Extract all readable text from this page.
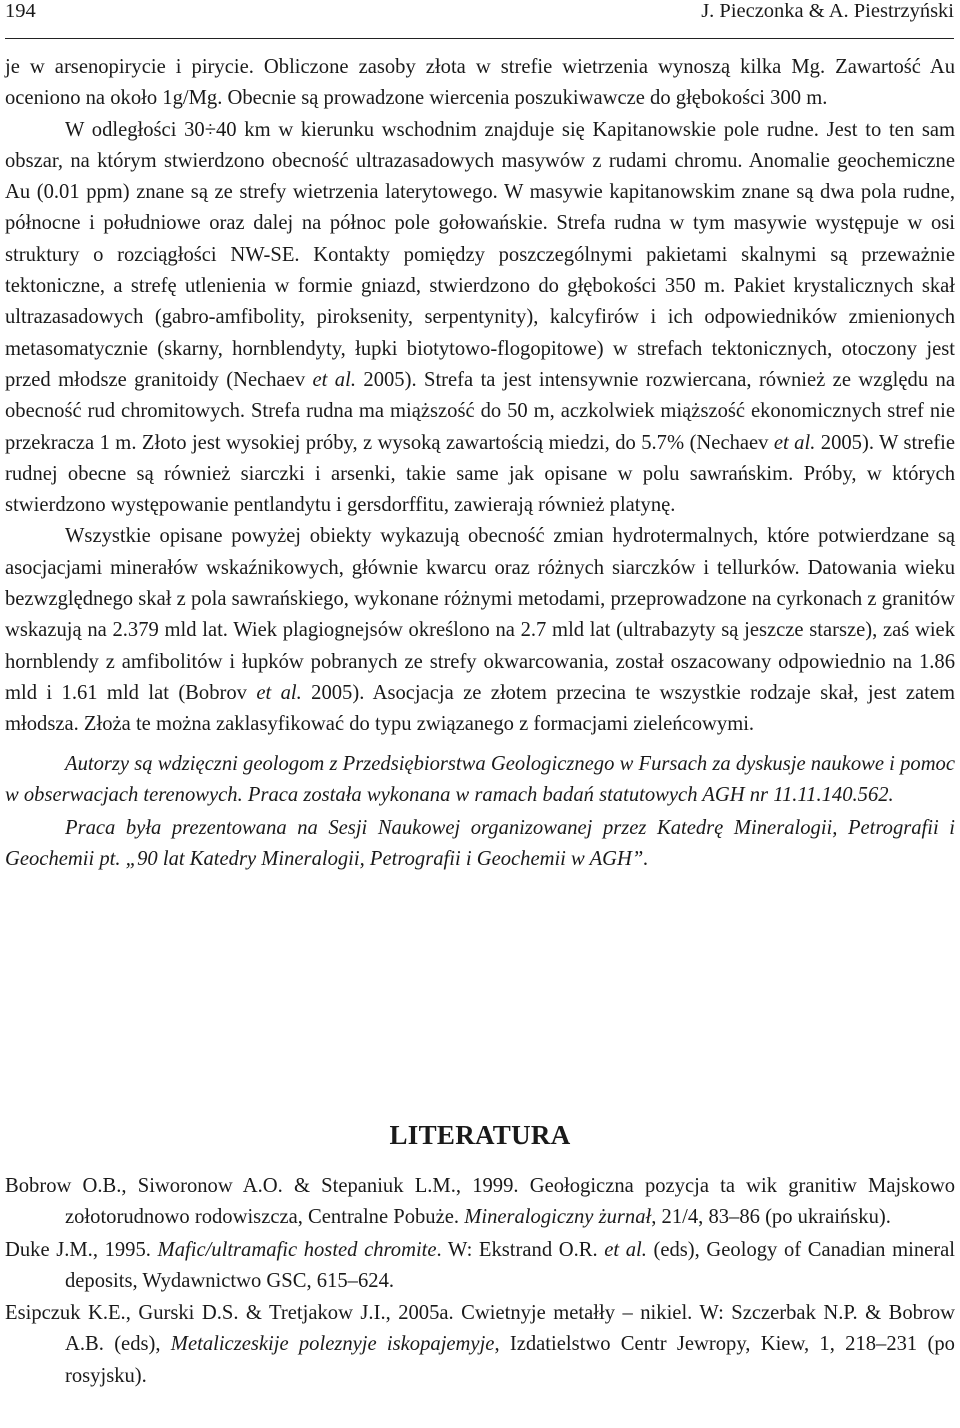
194	J. Pieczonka & A. Piestrzyński

je w arsenopirycie i pirycie. Obliczone zasoby złota w strefie wietrzenia wynoszą kilka Mg. Zawartość Au oceniono na około 1g/Mg. Obecnie są prowadzone wiercenia poszukiwawcze do głębokości 300 m.

W odległości 30÷40 km w kierunku wschodnim znajduje się Kapitanowskie pole rudne. Jest to ten sam obszar, na którym stwierdzono obecność ultrazasadowych masywów z rudami chromu. Anomalie geochemiczne Au (0.01 ppm) znane są ze strefy wietrzenia laterytowego. W masywie kapitanowskim znane są dwa pola rudne, północne i południowe oraz dalej na północ pole gołowańskie. Strefa rudna w tym masywie występuje w osi struktury o rozciągłości NW-SE. Kontakty pomiędzy poszczególnymi pakietami skalnymi są przeważnie tektoniczne, a strefę utlenienia w formie gniazd, stwierdzono do głębokości 350 m. Pakiet krystalicznych skał ultrazasadowych (gabro-amfibolity, piroksenity, serpentynity), kalcyfirów i ich odpowiedników zmienionych metasomatycznie (skarny, hornblendyty, łupki biotytowo-flogopitowe) w strefach tektonicznych, otoczony jest przed młodsze granitoidy (Nechaev et al. 2005). Strefa ta jest intensywnie rozwiercana, również ze względu na obecność rud chromitowych. Strefa rudna ma miąższość do 50 m, aczkolwiek miąższość ekonomicznych stref nie przekracza 1 m. Złoto jest wysokiej próby, z wysoką zawartością miedzi, do 5.7% (Nechaev et al. 2005). W strefie rudnej obecne są również siarczki i arsenki, takie same jak opisane w polu sawrańskim. Próby, w których stwierdzono występowanie pentlandytu i gersdorffitu, zawierają również platynę.

Wszystkie opisane powyżej obiekty wykazują obecność zmian hydrotermalnych, które potwierdzane są asocjacjami minerałów wskaźnikowych, głównie kwarcu oraz różnych siarczków i tellurków. Datowania wieku bezwzględnego skał z pola sawrańskiego, wykonane różnymi metodami, przeprowadzone na cyrkonach z granitów wskazują na 2.379 mld lat. Wiek plagiognejsów określono na 2.7 mld lat (ultrabazyty są jeszcze starsze), zaś wiek hornblendy z amfibolitów i łupków pobranych ze strefy okwarcowania, został oszacowany odpowiednio na 1.86 mld i 1.61 mld lat (Bobrov et al. 2005). Asocjacja ze złotem przecina te wszystkie rodzaje skał, jest zatem młodsza. Złoża te można zaklasyfikować do typu związanego z formacjami zieleńcowymi.

Autorzy są wdzięczni geologom z Przedsiębiorstwa Geologicznego w Fursach za dyskusje naukowe i pomoc w obserwacjach terenowych. Praca została wykonana w ramach badań statutowych AGH nr 11.11.140.562.

Praca była prezentowana na Sesji Naukowej organizowanej przez Katedrę Mineralogii, Petrografii i Geochemii pt. „90 lat Katedry Mineralogii, Petrografii i Geochemii w AGH”.

LITERATURA

Bobrow O.B., Siworonow A.O. & Stepaniuk L.M., 1999. Geołogiczna pozycja ta wik granitiw Majskowo zołotorudnowo rodowiszcza, Centralne Pobuże. Mineralogiczny żurnał, 21/4, 83–86 (po ukraińsku).

Duke J.M., 1995. Mafic/ultramafic hosted chromite. W: Ekstrand O.R. et al. (eds), Geology of Canadian mineral deposits, Wydawnictwo GSC, 615–624.

Esipczuk K.E., Gurski D.S. & Tretjakow J.I., 2005a. Cwietnyje metałły – nikiel. W: Szczerbak N.P. & Bobrow A.B. (eds), Metaliczeskije poleznyje iskopajemyje, Izdatielstwo Centr Jewropy, Kiew, 1, 218–231 (po rosyjsku).
